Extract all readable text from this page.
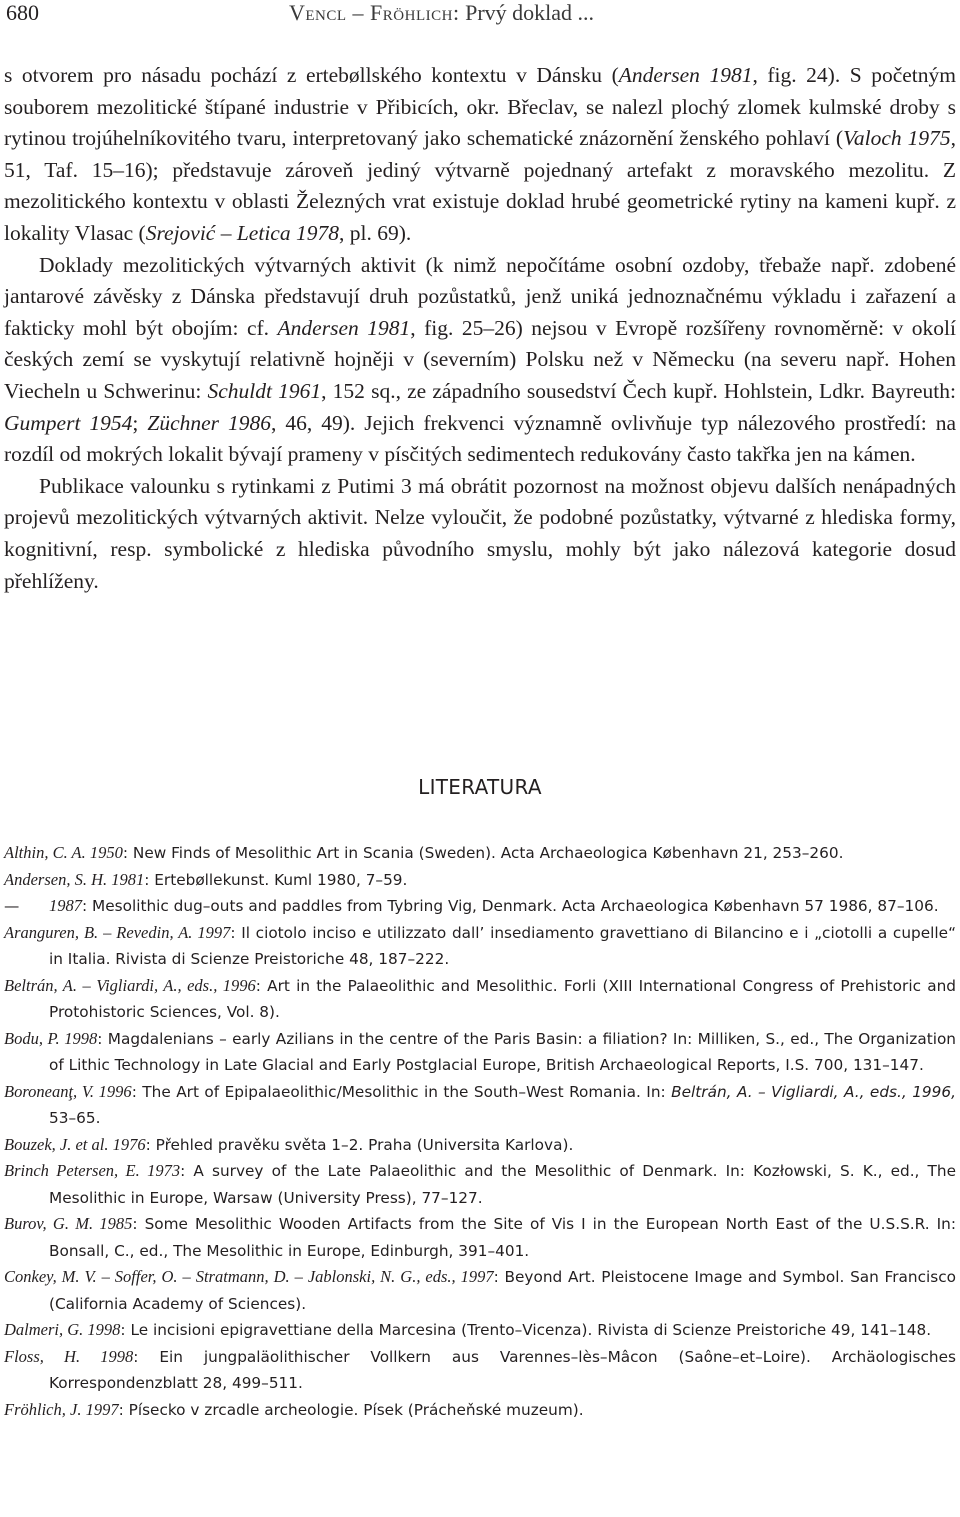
680	Vencl – Fröhlich: Prvý doklad ...

s otvorem pro násadu pochází z ertebøllského kontextu v Dánsku (Andersen 1981, fig. 24). S početným souborem mezolitické štípané industrie v Přibicích, okr. Břeclav, se nalezl plochý zlomek kulmské droby s rytinou trojúhelníkovitého tvaru, interpretovaný jako schematické znázornění ženského pohlaví (Valoch 1975, 51, Taf. 15–16); představuje zároveň jediný výtvarně pojednaný artefakt z moravského mezolitu. Z mezolitického kontextu v oblasti Železných vrat existuje doklad hrubé geometrické rytiny na kameni kupř. z lokality Vlasac (Srejović – Letica 1978, pl. 69).

Doklady mezolitických výtvarných aktivit (k nimž nepočítáme osobní ozdoby, třebaže např. zdobené jantarové závěsky z Dánska představují druh pozůstatků, jenž uniká jednoznačnému výkladu i zařazení a fakticky mohl být obojím: cf. Andersen 1981, fig. 25–26) nejsou v Evropě rozšířeny rovnoměrně: v okolí českých zemí se vyskytují relativně hojněji v (severním) Polsku než v Německu (na severu např. Hohen Viecheln u Schwerinu: Schuldt 1961, 152 sq., ze západního sousedství Čech kupř. Hohlstein, Ldkr. Bayreuth: Gumpert 1954; Züchner 1986, 46, 49). Jejich frekvenci významně ovlivňuje typ nálezového prostředí: na rozdíl od mokrých lokalit bývají prameny v písčitých sedimentech redukovány často takřka jen na kámen.

Publikace valounku s rytinkami z Putimi 3 má obrátit pozornost na možnost objevu dalších nenápadných projevů mezolitických výtvarných aktivit. Nelze vyloučit, že podobné pozůstatky, výtvarné z hlediska formy, kognitivní, resp. symbolické z hlediska původního smyslu, mohly být jako nálezová kategorie dosud přehlíženy.

LITERATURA
Althin, C. A. 1950: New Finds of Mesolithic Art in Scania (Sweden). Acta Archaeologica København 21, 253–260.
Andersen, S. H. 1981: Ertebøllekunst. Kuml 1980, 7–59.
— 1987: Mesolithic dug–outs and paddles from Tybring Vig, Denmark. Acta Archaeologica København 57 1986, 87–106.
Aranguren, B. – Revedin, A. 1997: Il ciotolo inciso e utilizzato dall’ insediamento gravettiano di Bilancino e i „ciotolli a cupelle“ in Italia. Rivista di Scienze Preistoriche 48, 187–222.
Beltrán, A. – Vigliardi, A., eds., 1996: Art in the Palaeolithic and Mesolithic. Forli (XIII International Congress of Prehistoric and Protohistoric Sciences, Vol. 8).
Bodu, P. 1998: Magdalenians – early Azilians in the centre of the Paris Basin: a filiation? In: Milliken, S., ed., The Organization of Lithic Technology in Late Glacial and Early Postglacial Europe, British Archaeological Reports, I.S. 700, 131–147.
Boroneanţ, V. 1996: The Art of Epipalaeolithic/Mesolithic in the South–West Romania. In: Beltrán, A. – Vigliardi, A., eds., 1996, 53–65.
Bouzek, J. et al. 1976: Přehled pravěku světa 1–2. Praha (Universita Karlova).
Brinch Petersen, E. 1973: A survey of the Late Palaeolithic and the Mesolithic of Denmark. In: Kozłowski, S. K., ed., The Mesolithic in Europe, Warsaw (University Press), 77–127.
Burov, G. M. 1985: Some Mesolithic Wooden Artifacts from the Site of Vis I in the European North East of the U.S.S.R. In: Bonsall, C., ed., The Mesolithic in Europe, Edinburgh, 391–401.
Conkey, M. V. – Soffer, O. – Stratmann, D. – Jablonski, N. G., eds., 1997: Beyond Art. Pleistocene Image and Symbol. San Francisco (California Academy of Sciences).
Dalmeri, G. 1998: Le incisioni epigravettiane della Marcesina (Trento–Vicenza). Rivista di Scienze Preistoriche 49, 141–148.
Floss, H. 1998: Ein jungpaläolithischer Vollkern aus Varennes–lès–Mâcon (Saône–et–Loire). Archäologisches Korrespondenzblatt 28, 499–511.
Fröhlich, J. 1997: Písecko v zrcadle archeologie. Písek (Prácheňské muzeum).
